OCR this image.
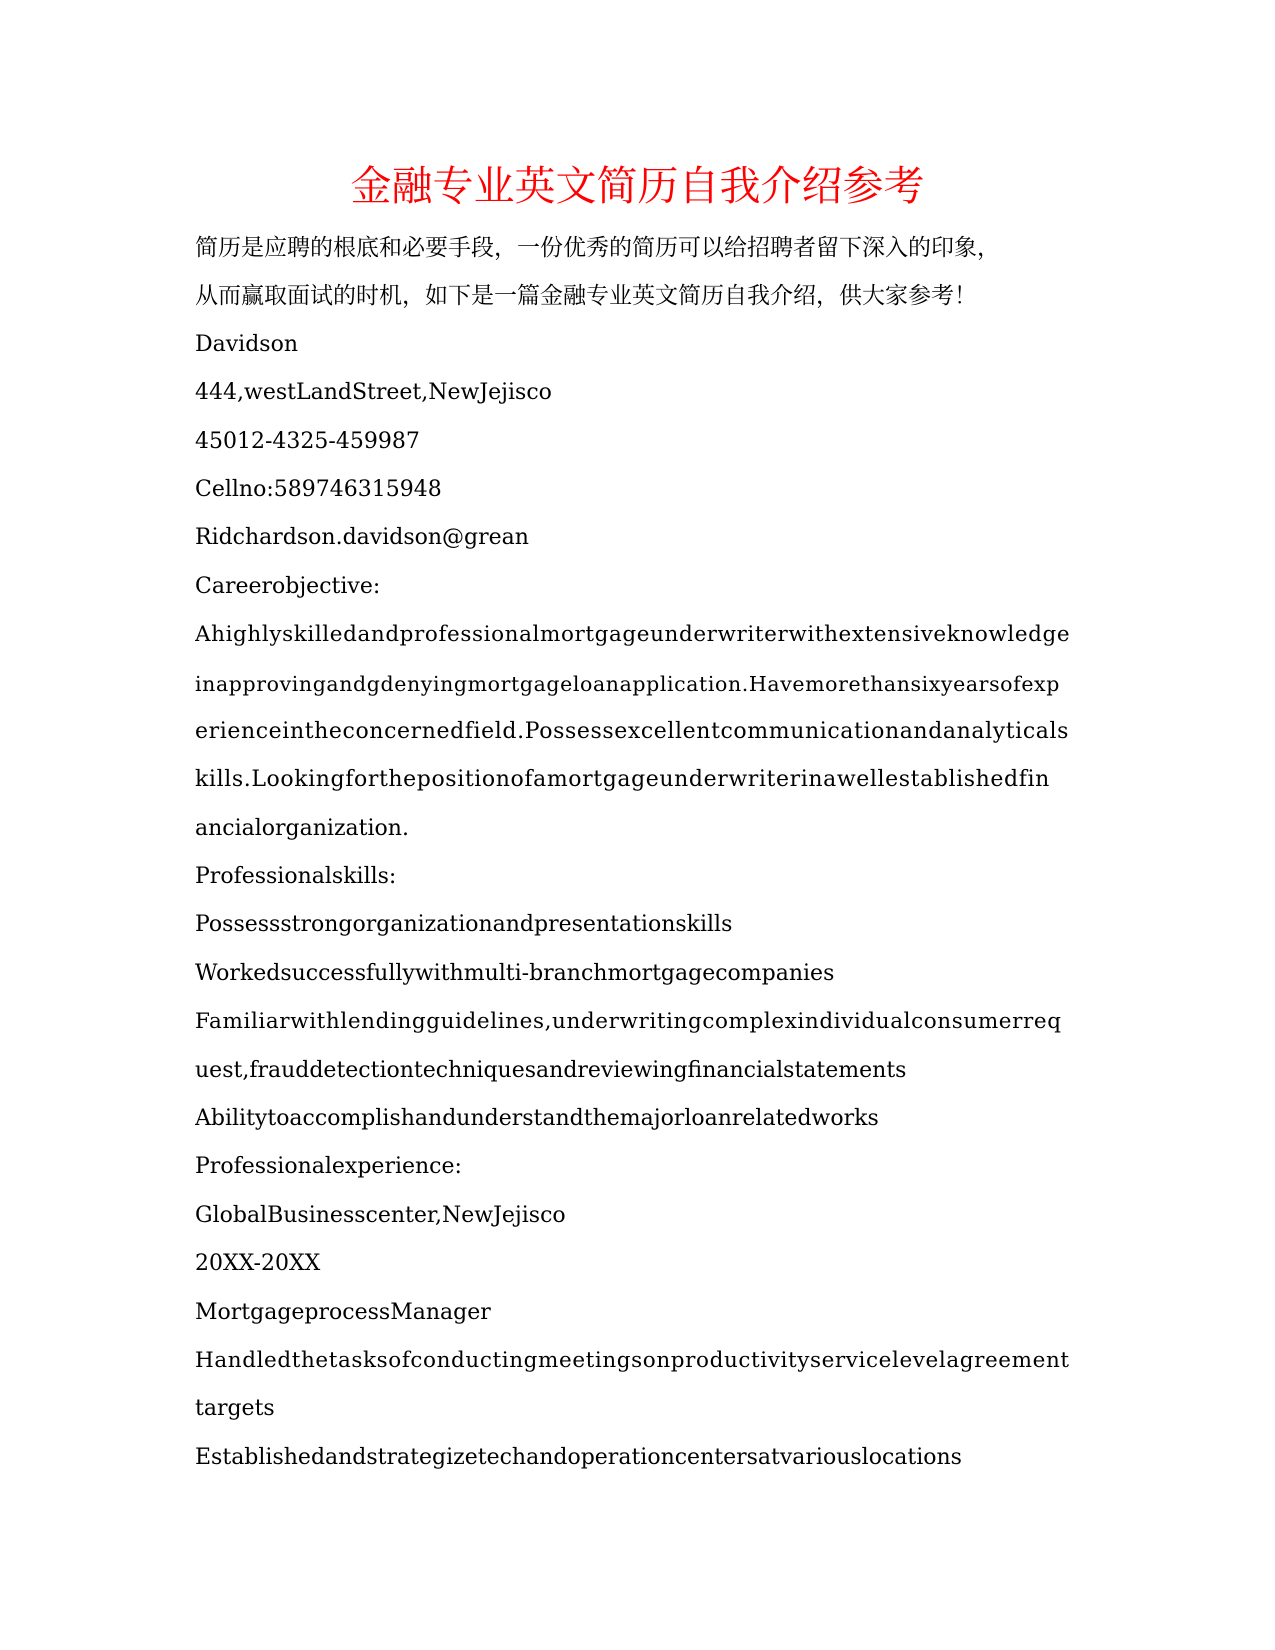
金融专业英文简历自我介绍参考
简历是应聘的根底和必要手段，一份优秀的简历可以给招聘者留下深入的印象，
从而赢取面试的时机，如下是一篇金融专业英文简历自我介绍，供大家参考！
Davidson
444,westLandStreet,NewJejisco
45012-4325-459987
Cellno:589746315948
Ridchardson.davidson@grean
Careerobjective:
Ahighlyskilledandprofessionalmortgageunderwriterwithextensiveknowledge
inapprovingandgdenyingmortgageloanapplication.Havemorethansixyearsofexp
erienceintheconcernedfield.Possessexcellentcommunicationandanalyticals
kills.Lookingforthepositionofamortgageunderwriterinawellestablishedfin
ancialorganization.
Professionalskills:
Possessstrongorganizationandpresentationskills
Workedsuccessfullywithmulti-branchmortgagecompanies
Familiarwithlendingguidelines,underwritingcomplexindividualconsumerreq
uest,frauddetectiontechniquesandreviewingfinancialstatements
Abilitytoaccomplishandunderstandthemajorloanrelatedworks
Professionalexperience:
GlobalBusinesscenter,NewJejisco
20XX-20XX
MortgageprocessManager
Handledthetasksofconductingmeetingsonproductivityservicelevelagreement
targets
Establishedandstrategizetechandoperationcentersatvariouslocations
